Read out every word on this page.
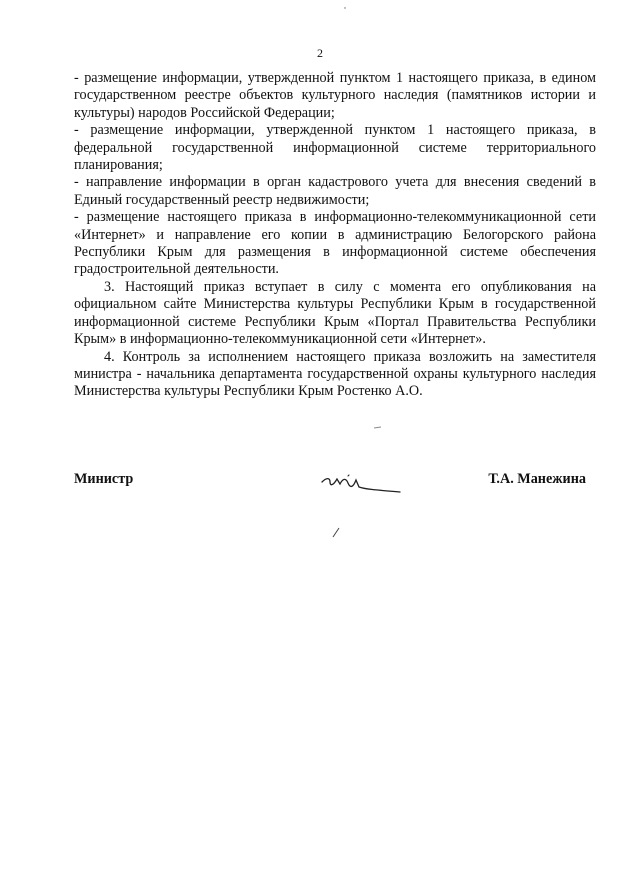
2

- размещение информации, утвержденной пунктом 1 настоящего приказа, в едином государственном реестре объектов культурного наследия (памятников истории и культуры) народов Российской Федерации;

- размещение информации, утвержденной пунктом 1 настоящего приказа, в федеральной государственной информационной системе территориального планирования;

- направление информации в орган кадастрового учета для внесения сведений в Единый государственный реестр недвижимости;

- размещение настоящего приказа в информационно-телекоммуникационной сети «Интернет» и направление его копии в администрацию Белогорского района Республики Крым для размещения в информационной системе обеспечения градостроительной деятельности.

3. Настоящий приказ вступает в силу с момента его опубликования на официальном сайте Министерства культуры Республики Крым в государственной информационной системе Республики Крым «Портал Правительства Республики Крым» в информационно-телекоммуникационной сети «Интернет».

4. Контроль за исполнением настоящего приказа возложить на заместителя министра - начальника департамента государственной охраны культурного наследия Министерства культуры Республики Крым Ростенко А.О.

Министр	Т.А. Манежина
